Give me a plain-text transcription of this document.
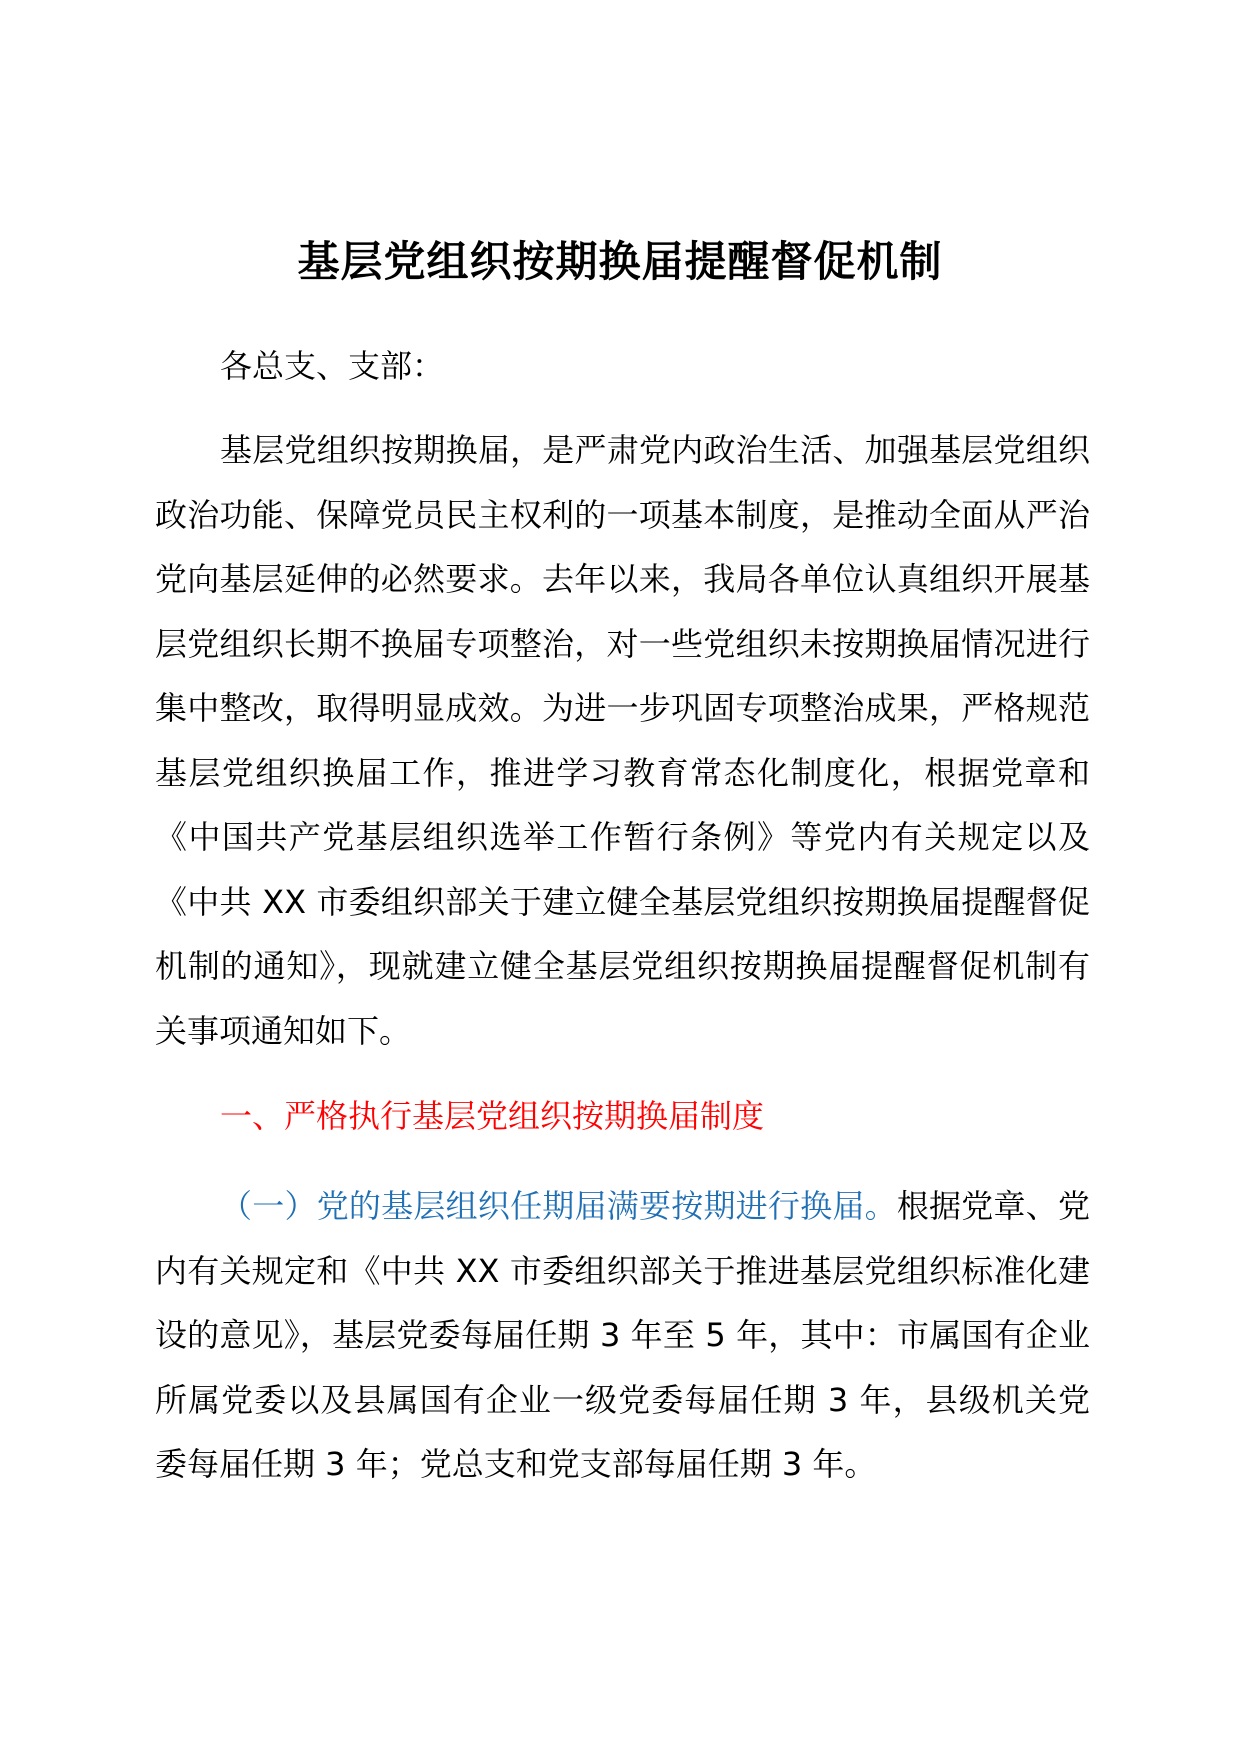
基层党组织按期换届提醒督促机制

各总支、支部：

基层党组织按期换届，是严肃党内政治生活、加强基层党组织政治功能、保障党员民主权利的一项基本制度，是推动全面从严治党向基层延伸的必然要求。去年以来，我局各单位认真组织开展基层党组织长期不换届专项整治，对一些党组织未按期换届情况进行集中整改，取得明显成效。为进一步巩固专项整治成果，严格规范基层党组织换届工作，推进学习教育常态化制度化，根据党章和《中国共产党基层组织选举工作暂行条例》等党内有关规定以及《中共 XX 市委组织部关于建立健全基层党组织按期换届提醒督促机制的通知》，现就建立健全基层党组织按期换届提醒督促机制有关事项通知如下。

一、严格执行基层党组织按期换届制度

（一）党的基层组织任期届满要按期进行换届。根据党章、党内有关规定和《中共 XX 市委组织部关于推进基层党组织标准化建设的意见》，基层党委每届任期 3 年至 5 年，其中：市属国有企业所属党委以及县属国有企业一级党委每届任期 3 年，县级机关党委每届任期 3 年；党总支和党支部每届任期 3 年。
